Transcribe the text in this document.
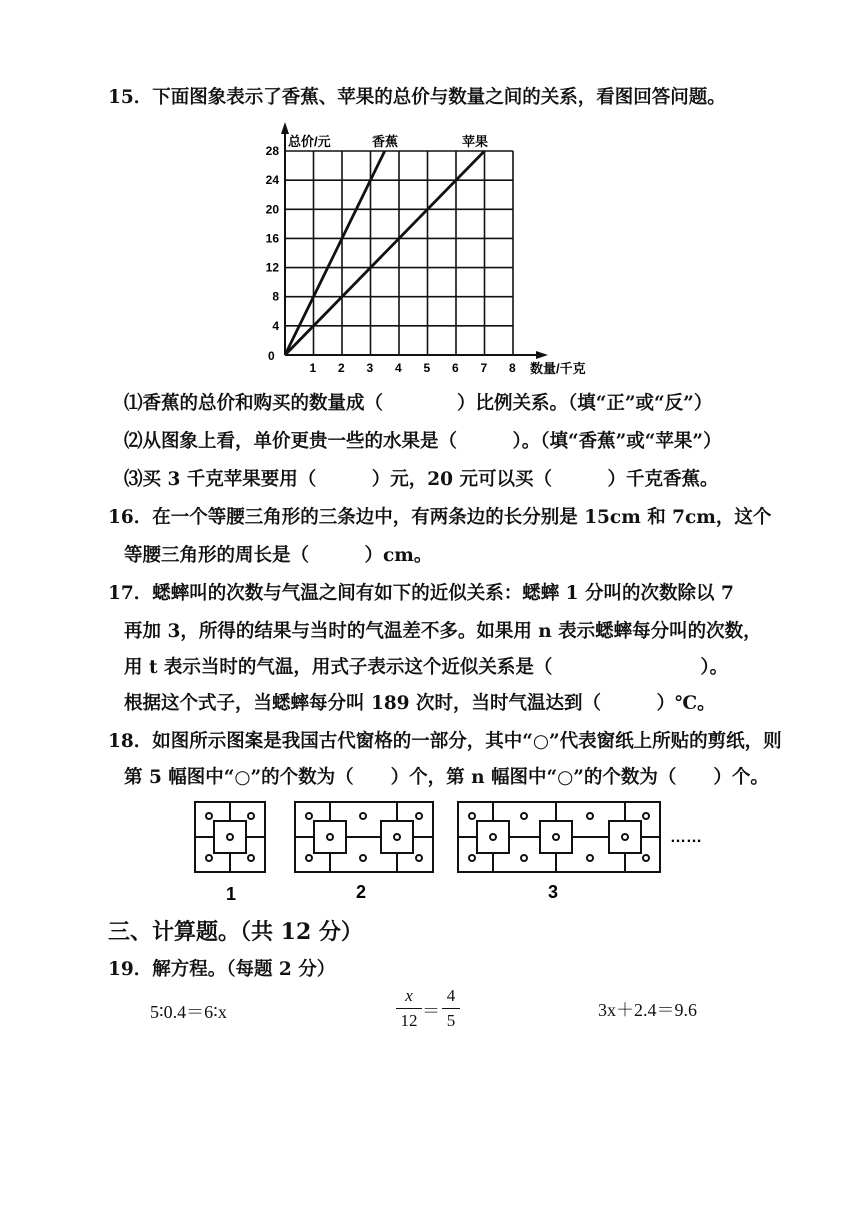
15．下面图象表示了香蕉、苹果的总价与数量之间的关系，看图回答问题。
1 2 3 4 5 6 7 8
4
8
12
16
20
24
28
总价/元
数量/千克
0
香蕉	苹果
⑴香蕉的总价和购买的数量成（　　　　）比例关系。（填“正”或“反”）
⑵从图象上看，单价更贵一些的水果是（　　　）。（填“香蕉”或“苹果”）
⑶买 3 千克苹果要用（　　　）元，20 元可以买（　　　）千克香蕉。
16．在一个等腰三角形的三条边中，有两条边的长分别是 15cm 和 7cm，这个
等腰三角形的周长是（　　　）cm。
17．蟋蟀叫的次数与气温之间有如下的近似关系：蟋蟀 1 分叫的次数除以 7
再加 3，所得的结果与当时的气温差不多。如果用 n 表示蟋蟀每分叫的次数，
用 t 表示当时的气温，用式子表示这个近似关系是（　　　　　　　　）。
根据这个式子，当蟋蟀每分叫 189 次时，当时气温达到（　　　）℃。
18．如图所示图案是我国古代窗格的一部分，其中“○”代表窗纸上所贴的剪纸，则
第 5 幅图中“○”的个数为（　　）个，第 n 幅图中“○”的个数为（　　）个。
1	2	3
……
三、计算题。（共 12 分）
19．解方程。（每题 2 分）
5∶0.4＝6∶x
x
12 ＝
4
5
3x＋2.4＝9.6
